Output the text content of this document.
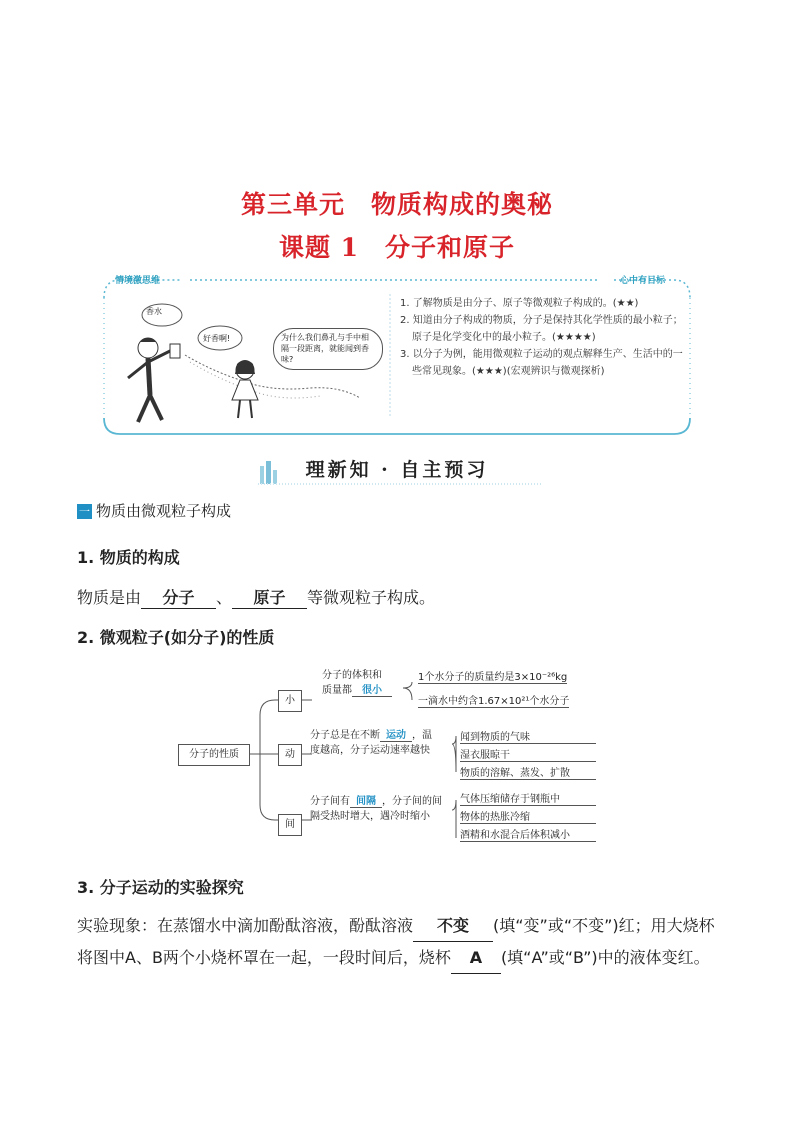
第三单元　物质构成的奥秘
课题 1　分子和原子
情境激思维	心中有目标
香水
好香啊!	为什么我们鼻孔与手中相隔一段距离，就能闻到香味?
1. 了解物质是由分子、原子等微观粒子构成的。(★★)
2. 知道由分子构成的物质，分子是保持其化学性质的最小粒子；原子是化学变化中的最小粒子。(★★★★)
3. 以分子为例，能用微观粒子运动的观点解释生产、生活中的一些常见现象。(★★★)(宏观辨识与微观探析)
理新知 · 自主预习
一 物质由微观粒子构成
1. 物质的构成
物质是由 分子 、 原子 等微观粒子构成。
2. 微观粒子(如分子)的性质
分子的性质
小
动
间
分子的体积和
质量都 很小
1个水分子的质量约是3×10⁻²⁶kg
一滴水中约含1.67×10²¹个水分子
分子总是在不断 运动 ，温
度越高，分子运动速率越快
闻到物质的气味
湿衣服晾干
物质的溶解、蒸发、扩散
分子间有 间隔 ，分子间的间
隔受热时增大，遇冷时缩小
气体压缩储存于钢瓶中
物体的热胀冷缩
酒精和水混合后体积减小
3. 分子运动的实验探究
实验现象：在蒸馏水中滴加酚酞溶液，酚酞溶液 不变 (填“变”或“不变”)红；用大烧杯将图中A、B两个小烧杯罩在一起，一段时间后，烧杯 A (填“A”或“B”)中的液体变红。
